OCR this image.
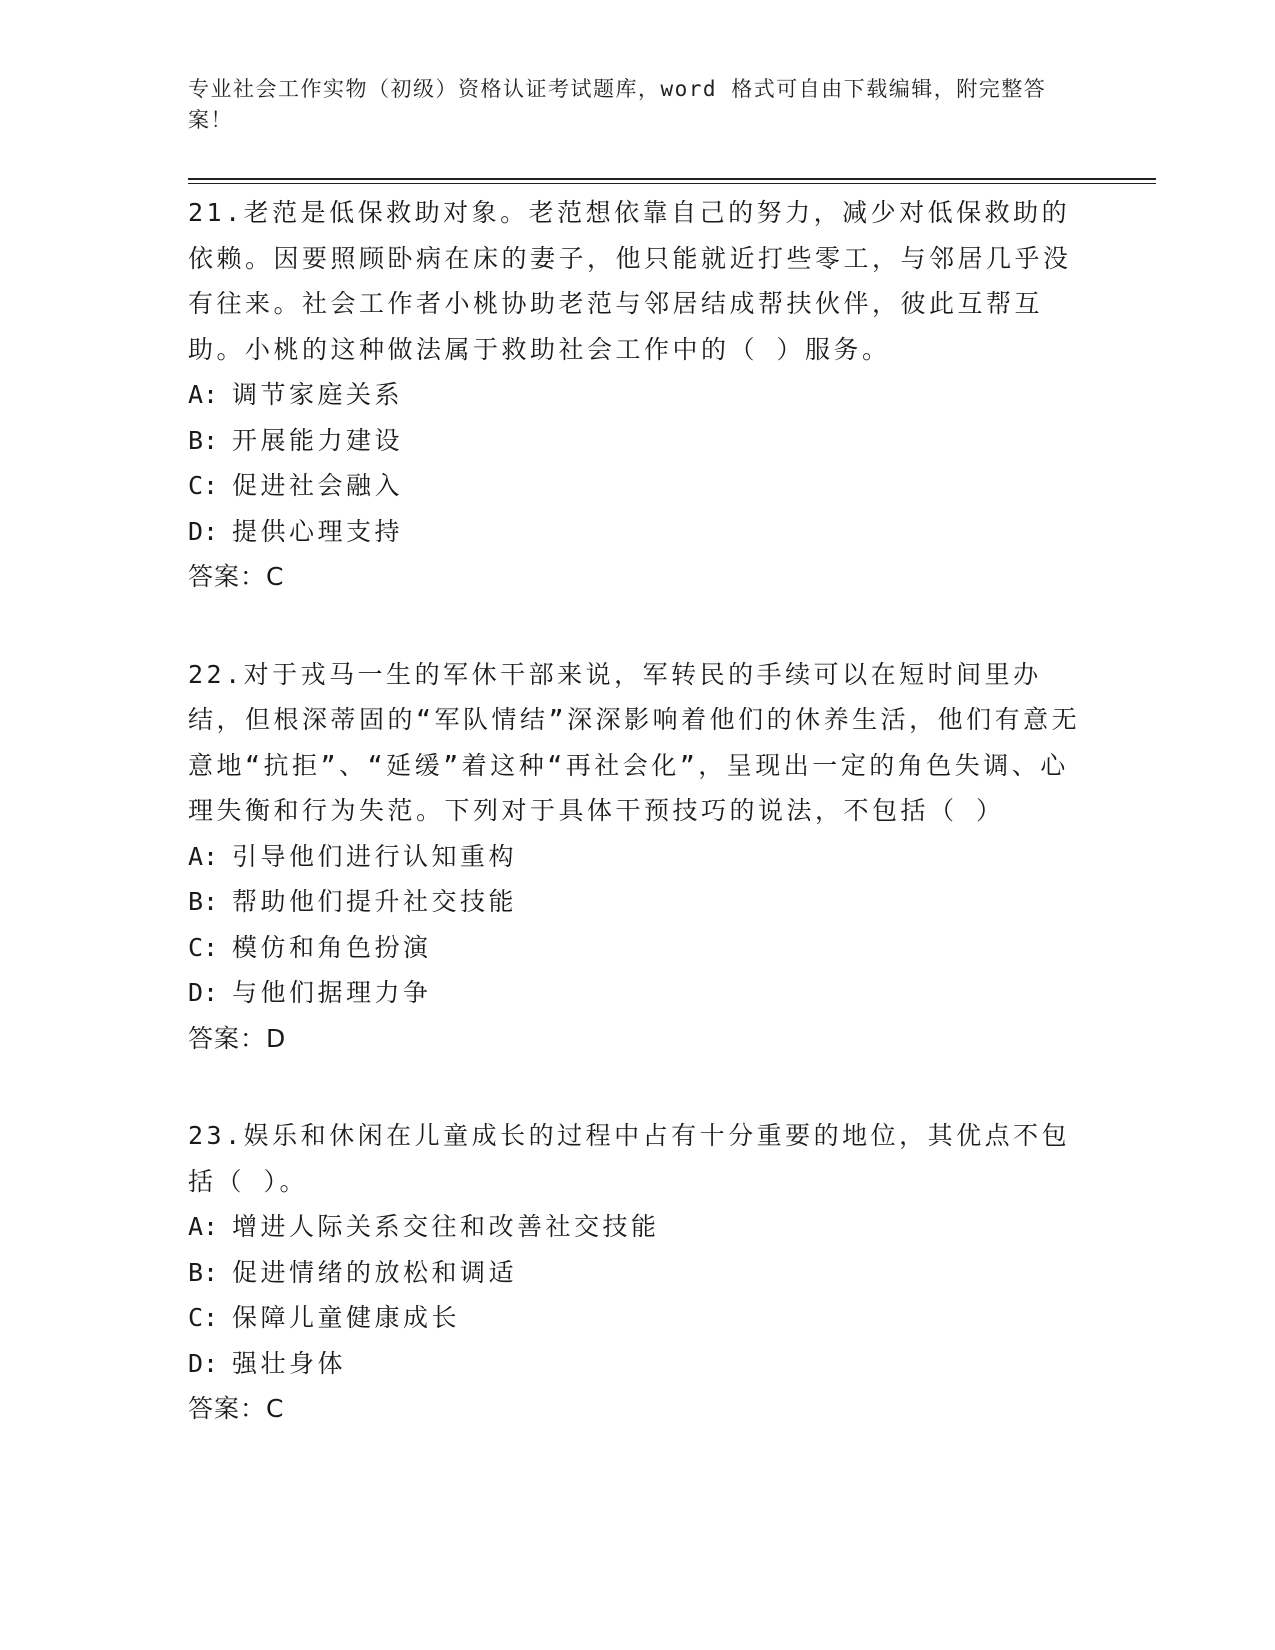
专业社会工作实物（初级）资格认证考试题库，word 格式可自由下载编辑，附完整答案！

21.老范是低保救助对象。老范想依靠自己的努力，减少对低保救助的依赖。因要照顾卧病在床的妻子，他只能就近打些零工，与邻居几乎没有往来。社会工作者小桃协助老范与邻居结成帮扶伙伴，彼此互帮互助。小桃的这种做法属于救助社会工作中的（ ）服务。

A: 调节家庭关系

B: 开展能力建设

C: 促进社会融入

D: 提供心理支持

答案：C

22.对于戎马一生的军休干部来说，军转民的手续可以在短时间里办结，但根深蒂固的“军队情结”深深影响着他们的休养生活，他们有意无意地“抗拒”、“延缓”着这种“再社会化”，呈现出一定的角色失调、心理失衡和行为失范。下列对于具体干预技巧的说法，不包括（ ）

A: 引导他们进行认知重构

B: 帮助他们提升社交技能

C: 模仿和角色扮演

D: 与他们据理力争

答案：D

23.娱乐和休闲在儿童成长的过程中占有十分重要的地位，其优点不包括（ ）。

A: 增进人际关系交往和改善社交技能

B: 促进情绪的放松和调适

C: 保障儿童健康成长

D: 强壮身体

答案：C
